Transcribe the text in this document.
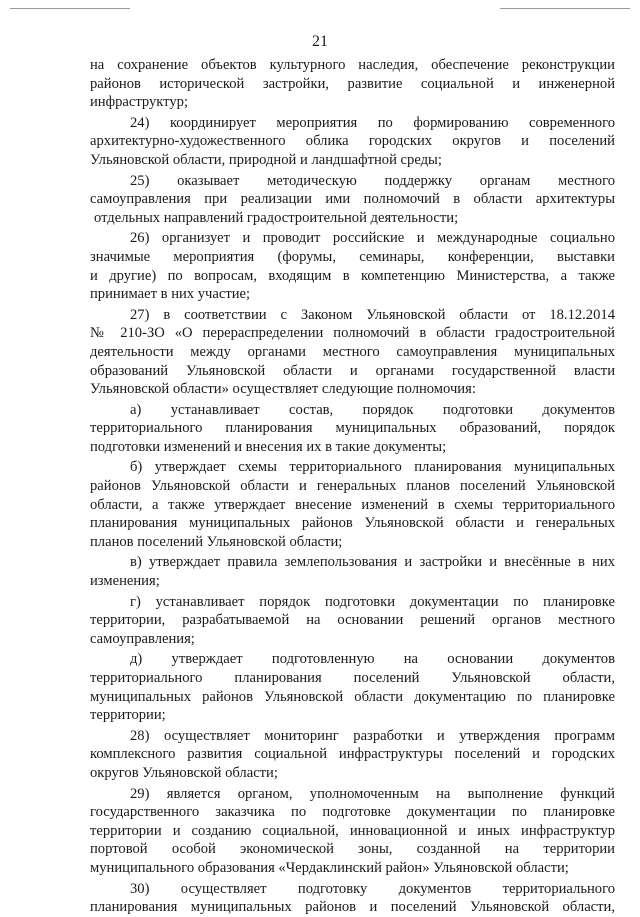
21
на сохранение объектов культурного наследия, обеспечение реконструкции
районов исторической застройки, развитие социальной и инженерной
инфраструктур;
24) координирует мероприятия по формированию современного
архитектурно-художественного облика городских округов и поселений
Ульяновской области, природной и ландшафтной среды;
25) оказывает методическую поддержку органам местного
самоуправления при реализации ими полномочий в области архитектуры
отдельных направлений градостроительной деятельности;
26) организует и проводит российские и международные социально
значимые мероприятия (форумы, семинары, конференции, выставки
и другие) по вопросам, входящим в компетенцию Министерства, а также
принимает в них участие;
27) в соответствии с Законом Ульяновской области от 18.12.2014
№ 210-ЗО «О перераспределении полномочий в области градостроительной
деятельности между органами местного самоуправления муниципальных
образований Ульяновской области и органами государственной власти
Ульяновской области» осуществляет следующие полномочия:
а) устанавливает состав, порядок подготовки документов
территориального планирования муниципальных образований, порядок
подготовки изменений и внесения их в такие документы;
б) утверждает схемы территориального планирования муниципальных
районов Ульяновской области и генеральных планов поселений Ульяновской
области, а также утверждает внесение изменений в схемы территориального
планирования муниципальных районов Ульяновской области и генеральных
планов поселений Ульяновской области;
в) утверждает правила землепользования и застройки и внесённые в них
изменения;
г) устанавливает порядок подготовки документации по планировке
территории, разрабатываемой на основании решений органов местного
самоуправления;
д) утверждает подготовленную на основании документов
территориального планирования поселений Ульяновской области,
муниципальных районов Ульяновской области документацию по планировке
территории;
28) осуществляет мониторинг разработки и утверждения программ
комплексного развития социальной инфраструктуры поселений и городских
округов Ульяновской области;
29) является органом, уполномоченным на выполнение функций
государственного заказчика по подготовке документации по планировке
территории и созданию социальной, инновационной и иных инфраструктур
портовой особой экономической зоны, созданной на территории
муниципального образования «Чердаклинский район» Ульяновской области;
30) осуществляет подготовку документов территориального
планирования муниципальных районов и поселений Ульяновской области,
